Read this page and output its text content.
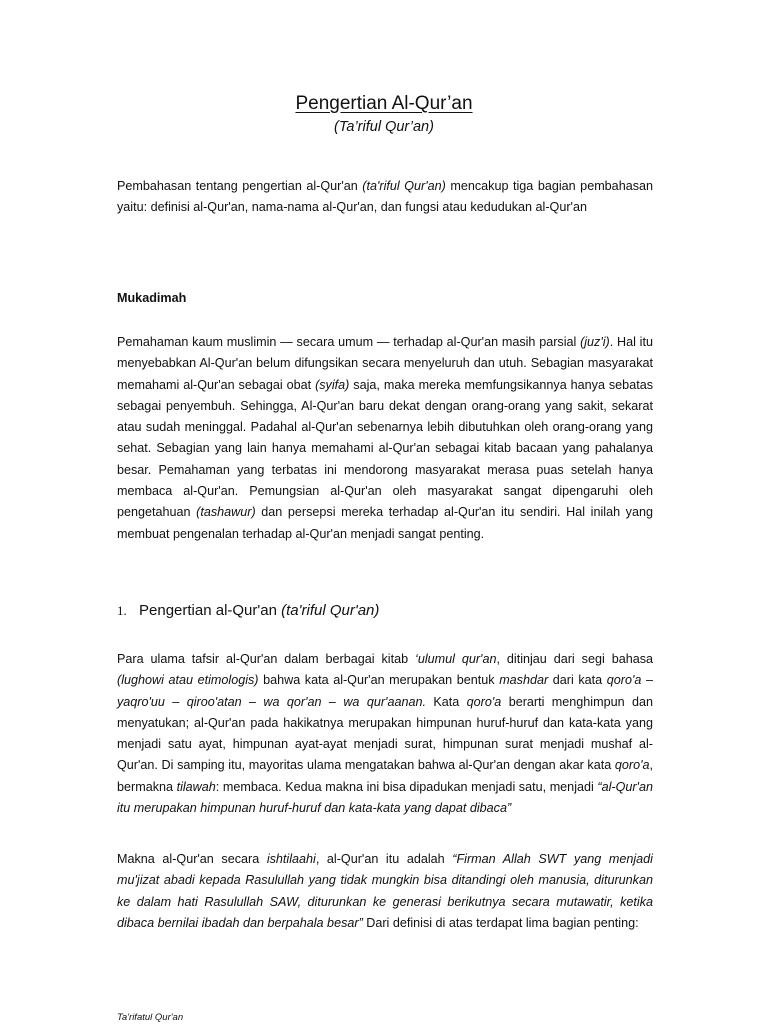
Pengertian Al-Qur’an
(Ta’riful Qur’an)

Pembahasan tentang pengertian al-Qur'an (ta'riful Qur'an) mencakup tiga bagian pembahasan yaitu: definisi al-Qur'an, nama-nama al-Qur'an, dan fungsi atau kedudukan al-Qur'an

Mukadimah

Pemahaman kaum muslimin — secara umum — terhadap al-Qur'an masih parsial (juz'i). Hal itu menyebabkan Al-Qur'an belum difungsikan secara menyeluruh dan utuh. Sebagian masyarakat memahami al-Qur'an sebagai obat (syifa) saja, maka mereka memfungsikannya hanya sebatas sebagai penyembuh. Sehingga, Al-Qur'an baru dekat dengan orang-orang yang sakit, sekarat atau sudah meninggal. Padahal al-Qur'an sebenarnya lebih dibutuhkan oleh orang-orang yang sehat. Sebagian yang lain hanya memahami al-Qur'an sebagai kitab bacaan yang pahalanya besar. Pemahaman yang terbatas ini mendorong masyarakat merasa puas setelah hanya membaca al-Qur'an. Pemungsian al-Qur'an oleh masyarakat sangat dipengaruhi oleh pengetahuan (tashawur) dan persepsi mereka terhadap al-Qur'an itu sendiri. Hal inilah yang membuat pengenalan terhadap al-Qur'an menjadi sangat penting.

1. Pengertian al-Qur'an (ta'riful Qur'an)

Para ulama tafsir al-Qur'an dalam berbagai kitab ‘ulumul qur'an, ditinjau dari segi bahasa (lughowi atau etimologis) bahwa kata al-Qur'an merupakan bentuk mashdar dari kata qoro'a – yaqro'uu – qiroo'atan – wa qor'an – wa qur'aanan. Kata qoro'a berarti menghimpun dan menyatukan; al-Qur'an pada hakikatnya merupakan himpunan huruf-huruf dan kata-kata yang menjadi satu ayat, himpunan ayat-ayat menjadi surat, himpunan surat menjadi mushaf al-Qur'an. Di samping itu, mayoritas ulama mengatakan bahwa al-Qur'an dengan akar kata qoro'a, bermakna tilawah: membaca. Kedua makna ini bisa dipadukan menjadi satu, menjadi “al-Qur'an itu merupakan himpunan huruf-huruf dan kata-kata yang dapat dibaca”

Makna al-Qur'an secara ishtilaahi, al-Qur'an itu adalah “Firman Allah SWT yang menjadi mu'jizat abadi kepada Rasulullah yang tidak mungkin bisa ditandingi oleh manusia, diturunkan ke dalam hati Rasulullah SAW, diturunkan ke generasi berikutnya secara mutawatir, ketika dibaca bernilai ibadah dan berpahala besar” Dari definisi di atas terdapat lima bagian penting:

Ta'rifatul Qur'an
